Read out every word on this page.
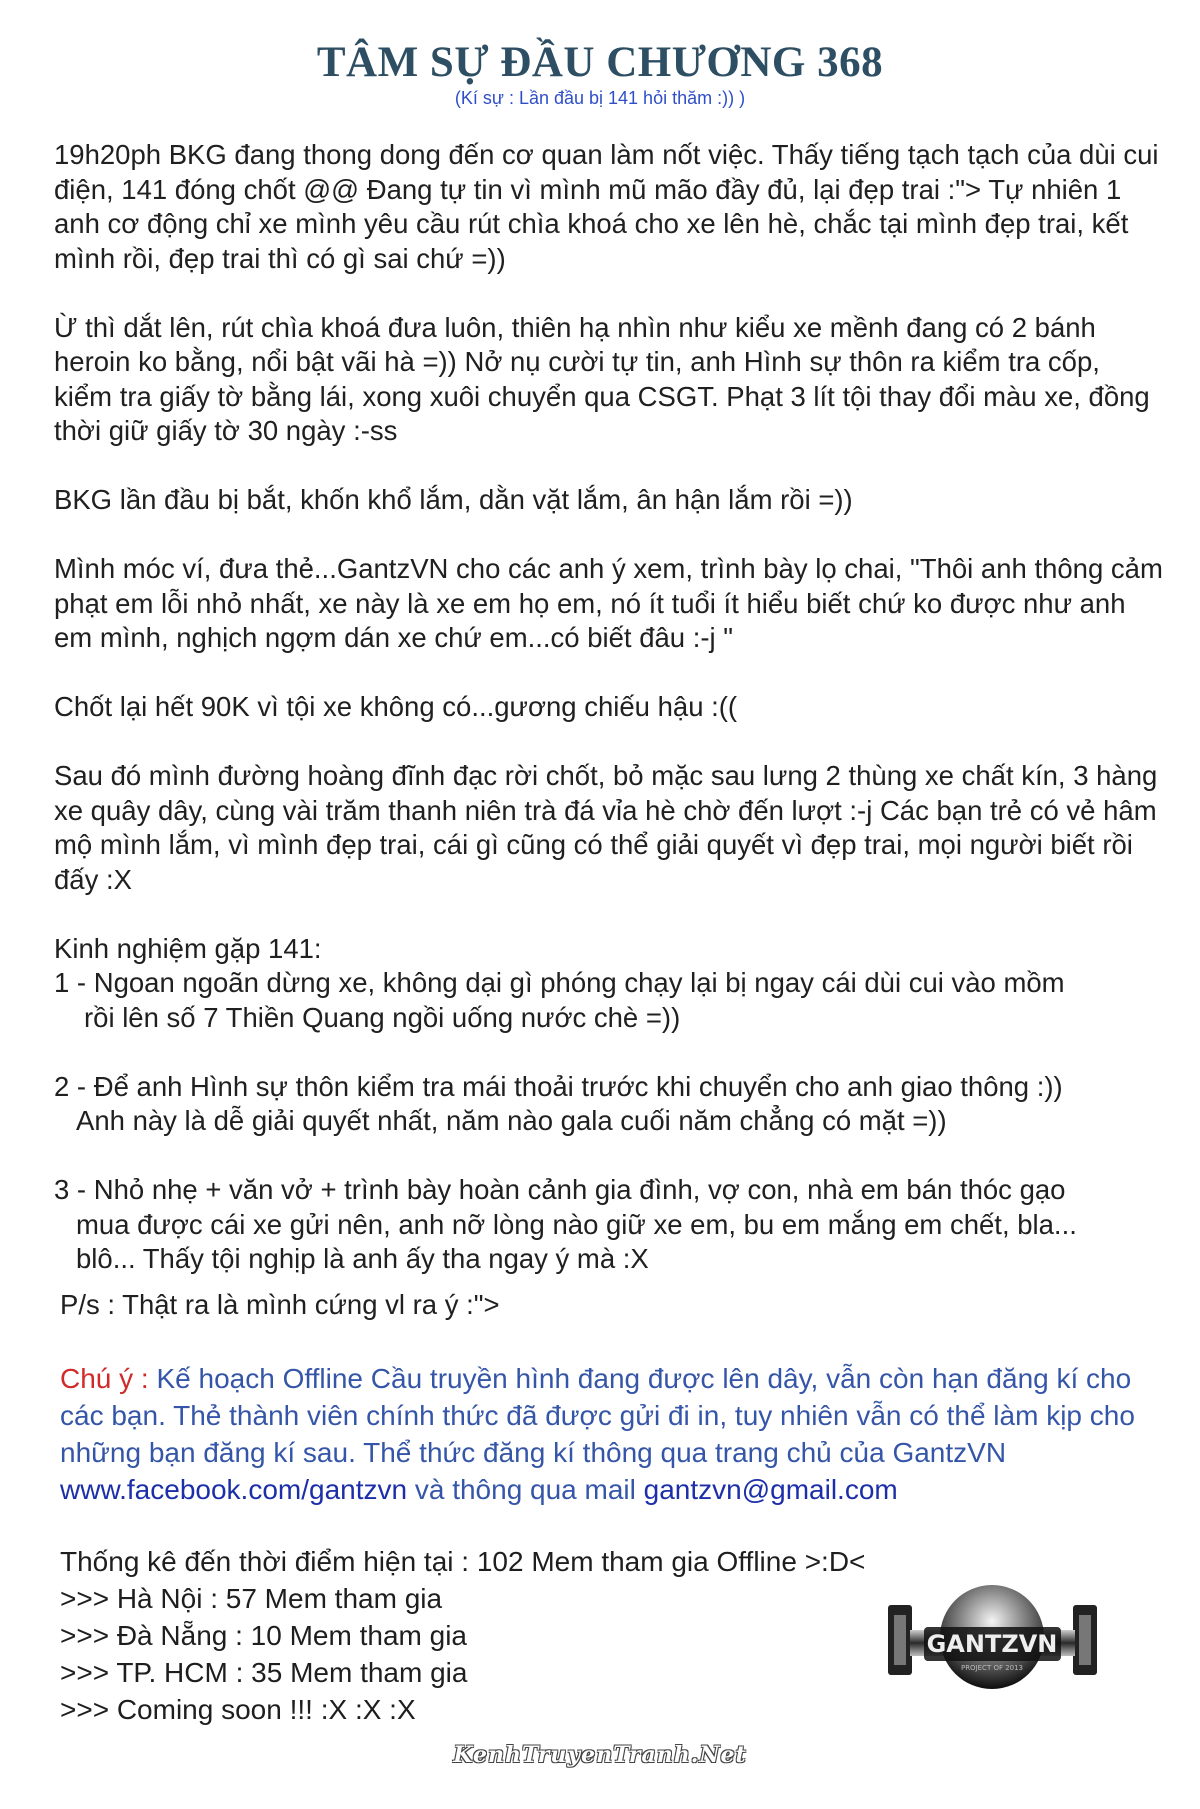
TÂM SỰ ĐẦU CHƯƠNG 368
(Kí sự : Lần đầu bị 141 hỏi thăm :)) )

19h20ph BKG đang thong dong đến cơ quan làm nốt việc. Thấy tiếng tạch tạch của dùi cui điện, 141 đóng chốt @@ Đang tự tin vì mình mũ mão đầy đủ, lại đẹp trai :"> Tự nhiên 1 anh cơ động chỉ xe mình yêu cầu rút chìa khoá cho xe lên hè, chắc tại mình đẹp trai, kết mình rồi, đẹp trai thì có gì sai chứ =))

Ừ thì dắt lên, rút chìa khoá đưa luôn, thiên hạ nhìn như kiểu xe mềnh đang có 2 bánh heroin ko bằng, nổi bật vãi hà =)) Nở nụ cười tự tin, anh Hình sự thôn ra kiểm tra cốp, kiểm tra giấy tờ bằng lái, xong xuôi chuyển qua CSGT. Phạt 3 lít tội thay đổi màu xe, đồng thời giữ giấy tờ 30 ngày :-ss

BKG lần đầu bị bắt, khốn khổ lắm, dằn vặt lắm, ân hận lắm rồi =))

Mình móc ví, đưa thẻ...GantzVN cho các anh ý xem, trình bày lọ chai, "Thôi anh thông cảm phạt em lỗi nhỏ nhất, xe này là xe em họ em, nó ít tuổi ít hiểu biết chứ ko được như anh em mình, nghịch ngợm dán xe chứ em...có biết đâu :-j "

Chốt lại hết 90K vì tội xe không có...gương chiếu hậu :((

Sau đó mình đường hoàng đĩnh đạc rời chốt, bỏ mặc sau lưng 2 thùng xe chất kín, 3 hàng xe quây dây, cùng vài trăm thanh niên trà đá vỉa hè chờ đến lượt :-j Các bạn trẻ có vẻ hâm mộ mình lắm, vì mình đẹp trai, cái gì cũng có thể giải quyết vì đẹp trai, mọi người biết rồi đấy :X

Kinh nghiệm gặp 141:
1 - Ngoan ngoãn dừng xe, không dại gì phóng chạy lại bị ngay cái dùi cui vào mồm
rồi lên số 7 Thiền Quang ngồi uống nước chè =))
2 - Để anh Hình sự thôn kiểm tra mái thoải trước khi chuyển cho anh giao thông :))
Anh này là dễ giải quyết nhất, năm nào gala cuối năm chẳng có mặt =))
3 - Nhỏ nhẹ + văn vở + trình bày hoàn cảnh gia đình, vợ con, nhà em bán thóc gạo
mua được cái xe gửi nên, anh nỡ lòng nào giữ xe em, bu em mắng em chết, bla...
blô... Thấy tội nghịp là anh ấy tha ngay ý mà :X
P/s : Thật ra là mình cứng vl ra ý :">
Chú ý : Kế hoạch Offline Cầu truyền hình đang được lên dây, vẫn còn hạn đăng kí cho các bạn. Thẻ thành viên chính thức đã được gửi đi in, tuy nhiên vẫn có thể làm kịp cho những bạn đăng kí sau. Thể thức đăng kí thông qua trang chủ của GantzVN
www.facebook.com/gantzvn và thông qua mail gantzvn@gmail.com
Thống kê đến thời điểm hiện tại : 102 Mem tham gia Offline >:D<
>>> Hà Nội : 57 Mem tham gia
>>> Đà Nẵng : 10 Mem tham gia
>>> TP. HCM : 35 Mem tham gia
>>> Coming soon !!! :X :X :X
GANTZVN
PROJECT OF 2013
KenhTruyenTranh.Net
